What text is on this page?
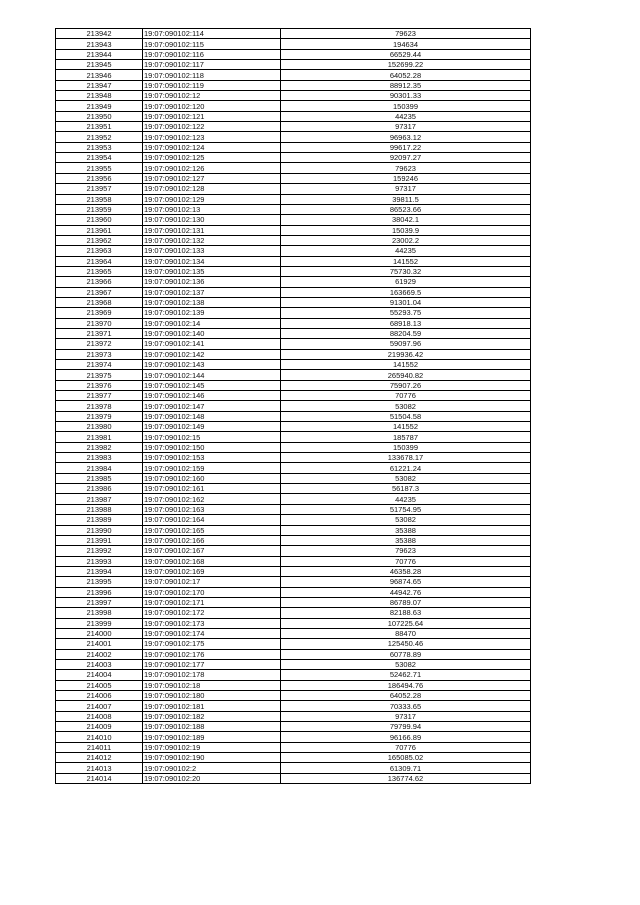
213942	19:07:090102:114	79623
213943	19:07:090102:115	194634
213944	19:07:090102:116	66529.44
213945	19:07:090102:117	152699.22
213946	19:07:090102:118	64052.28
213947	19:07:090102:119	88912.35
213948	19:07:090102:12	90301.33
213949	19:07:090102:120	150399
213950	19:07:090102:121	44235
213951	19:07:090102:122	97317
213952	19:07:090102:123	96963.12
213953	19:07:090102:124	99617.22
213954	19:07:090102:125	92097.27
213955	19:07:090102:126	79623
213956	19:07:090102:127	159246
213957	19:07:090102:128	97317
213958	19:07:090102:129	39811.5
213959	19:07:090102:13	86523.66
213960	19:07:090102:130	38042.1
213961	19:07:090102:131	15039.9
213962	19:07:090102:132	23002.2
213963	19:07:090102:133	44235
213964	19:07:090102:134	141552
213965	19:07:090102:135	75730.32
213966	19:07:090102:136	61929
213967	19:07:090102:137	163669.5
213968	19:07:090102:138	91301.04
213969	19:07:090102:139	55293.75
213970	19:07:090102:14	68918.13
213971	19:07:090102:140	88204.59
213972	19:07:090102:141	59097.96
213973	19:07:090102:142	219936.42
213974	19:07:090102:143	141552
213975	19:07:090102:144	265940.82
213976	19:07:090102:145	75907.26
213977	19:07:090102:146	70776
213978	19:07:090102:147	53082
213979	19:07:090102:148	51504.58
213980	19:07:090102:149	141552
213981	19:07:090102:15	185787
213982	19:07:090102:150	150399
213983	19:07:090102:153	133678.17
213984	19:07:090102:159	61221.24
213985	19:07:090102:160	53082
213986	19:07:090102:161	56187.3
213987	19:07:090102:162	44235
213988	19:07:090102:163	51754.95
213989	19:07:090102:164	53082
213990	19:07:090102:165	35388
213991	19:07:090102:166	35388
213992	19:07:090102:167	79623
213993	19:07:090102:168	70776
213994	19:07:090102:169	46358.28
213995	19:07:090102:17	96874.65
213996	19:07:090102:170	44942.76
213997	19:07:090102:171	86789.07
213998	19:07:090102:172	82188.63
213999	19:07:090102:173	107225.64
214000	19:07:090102:174	88470
214001	19:07:090102:175	125450.46
214002	19:07:090102:176	60778.89
214003	19:07:090102:177	53082
214004	19:07:090102:178	52462.71
214005	19:07:090102:18	186494.76
214006	19:07:090102:180	64052.28
214007	19:07:090102:181	70333.65
214008	19:07:090102:182	97317
214009	19:07:090102:188	79799.94
214010	19:07:090102:189	96166.89
214011	19:07:090102:19	70776
214012	19:07:090102:190	165085.02
214013	19:07:090102:2	61309.71
214014	19:07:090102:20	136774.62
